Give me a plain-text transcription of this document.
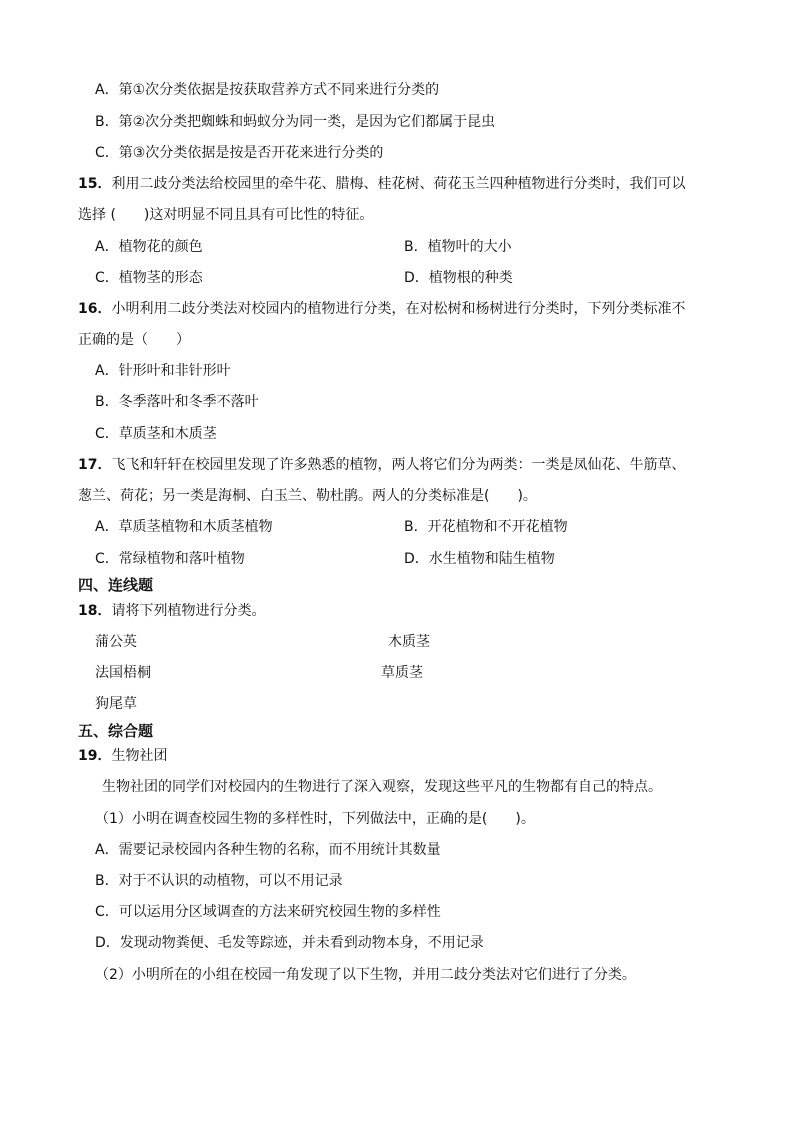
A．第①次分类依据是按获取营养方式不同来进行分类的
B．第②次分类把蜘蛛和蚂蚁分为同一类，是因为它们都属于昆虫
C．第③次分类依据是按是否开花来进行分类的
15．利用二歧分类法给校园里的牵牛花、腊梅、桂花树、荷花玉兰四种植物进行分类时，我们可以
选择 (　　)这对明显不同且具有可比性的特征。
A．植物花的颜色	B．植物叶的大小
C．植物茎的形态	D．植物根的种类
16．小明利用二歧分类法对校园内的植物进行分类，在对松树和杨树进行分类时，下列分类标准不
正确的是（　　）
A．针形叶和非针形叶
B．冬季落叶和冬季不落叶
C．草质茎和木质茎
17．飞飞和轩轩在校园里发现了许多熟悉的植物，两人将它们分为两类：一类是凤仙花、牛筋草、
葱兰、荷花；另一类是海桐、白玉兰、勒杜鹃。两人的分类标准是(　　)。
A．草质茎植物和木质茎植物	B．开花植物和不开花植物
C．常绿植物和落叶植物	D．水生植物和陆生植物
四、连线题
18．请将下列植物进行分类。
蒲公英	木质茎
法国梧桐	草质茎
狗尾草
五、综合题
19．生物社团
生物社团的同学们对校园内的生物进行了深入观察，发现这些平凡的生物都有自己的特点。
（1）小明在调查校园生物的多样性时，下列做法中，正确的是(　　)。
A．需要记录校园内各种生物的名称，而不用统计其数量
B．对于不认识的动植物，可以不用记录
C．可以运用分区域调查的方法来研究校园生物的多样性
D．发现动物粪便、毛发等踪迹，并未看到动物本身，不用记录
（2）小明所在的小组在校园一角发现了以下生物，并用二歧分类法对它们进行了分类。
